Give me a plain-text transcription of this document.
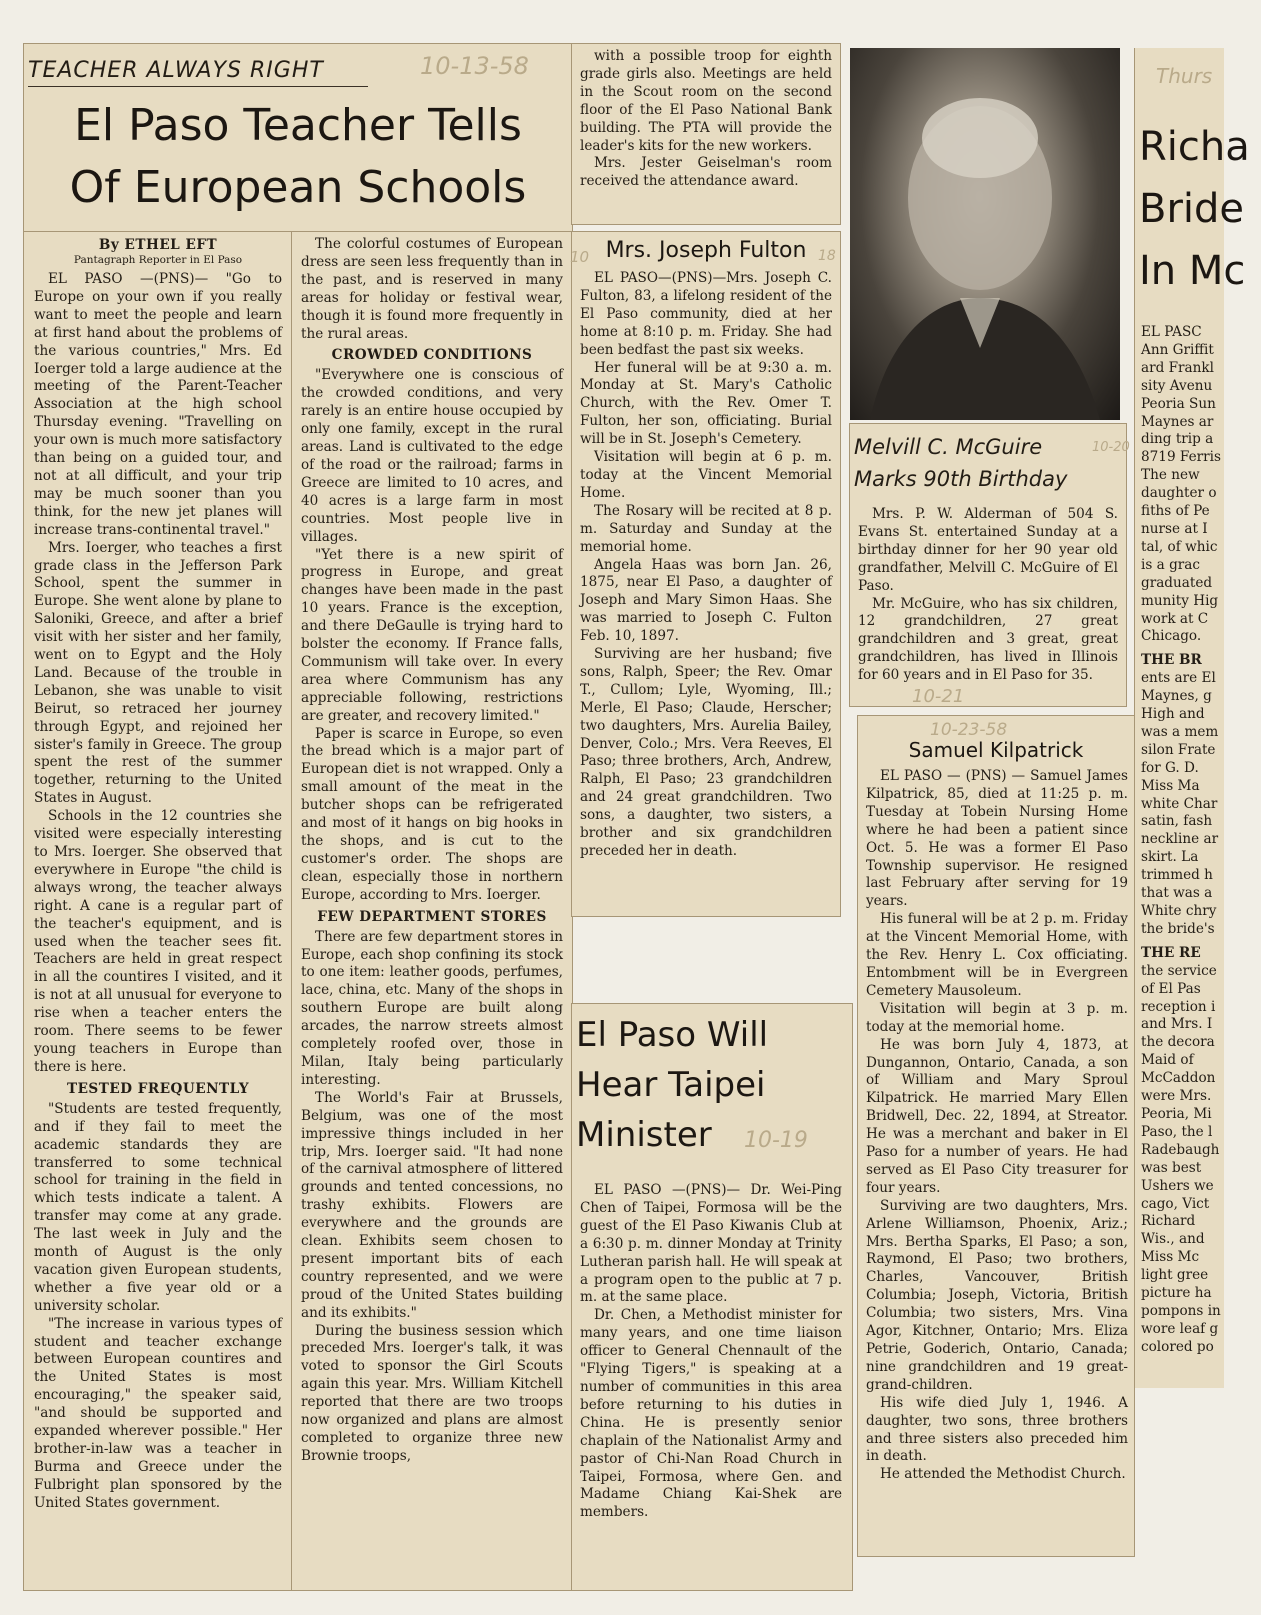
TEACHER ALWAYS RIGHT
El Paso Teacher Tells
Of European Schools
10-13-58
By ETHEL EFT
Pantagraph Reporter in El Paso

EL PASO —(PNS)— "Go to Europe on your own if you really want to meet the people and learn at first hand about the problems of the various countries," Mrs. Ed Ioerger told a large audience at the meeting of the Parent-Teacher Association at the high school Thursday evening. "Travelling on your own is much more satisfactory than being on a guided tour, and not at all difficult, and your trip may be much sooner than you think, for the new jet planes will increase trans-continental travel."

Mrs. Ioerger, who teaches a first grade class in the Jefferson Park School, spent the summer in Europe. She went alone by plane to Saloniki, Greece, and after a brief visit with her sister and her family, went on to Egypt and the Holy Land. Because of the trouble in Lebanon, she was unable to visit Beirut, so retraced her journey through Egypt, and rejoined her sister's family in Greece. The group spent the rest of the summer together, returning to the United States in August.

Schools in the 12 countries she visited were especially interesting to Mrs. Ioerger. She observed that everywhere in Europe "the child is always wrong, the teacher always right. A cane is a regular part of the teacher's equipment, and is used when the teacher sees fit. Teachers are held in great respect in all the countires I visited, and it is not at all unusual for everyone to rise when a teacher enters the room. There seems to be fewer young teachers in Europe than there is here.

TESTED FREQUENTLY

"Students are tested frequently, and if they fail to meet the academic standards they are transferred to some technical school for training in the field in which tests indicate a talent. A transfer may come at any grade. The last week in July and the month of August is the only vacation given European students, whether a five year old or a university scholar.

"The increase in various types of student and teacher exchange between European countires and the United States is most encouraging," the speaker said, "and should be supported and expanded wherever possible." Her brother-in-law was a teacher in Burma and Greece under the Fulbright plan sponsored by the United States government.

The colorful costumes of European dress are seen less frequently than in the past, and is reserved in many areas for holiday or festival wear, though it is found more frequently in the rural areas.

CROWDED CONDITIONS

"Everywhere one is conscious of the crowded conditions, and very rarely is an entire house occupied by only one family, except in the rural areas. Land is cultivated to the edge of the road or the railroad; farms in Greece are limited to 10 acres, and 40 acres is a large farm in most countries. Most people live in villages.

"Yet there is a new spirit of progress in Europe, and great changes have been made in the past 10 years. France is the exception, and there DeGaulle is trying hard to bolster the economy. If France falls, Communism will take over. In every area where Communism has any appreciable following, restrictions are greater, and recovery limited."

Paper is scarce in Europe, so even the bread which is a major part of European diet is not wrapped. Only a small amount of the meat in the butcher shops can be refrigerated and most of it hangs on big hooks in the shops, and is cut to the customer's order. The shops are clean, especially those in northern Europe, according to Mrs. Ioerger.

FEW DEPARTMENT STORES

There are few department stores in Europe, each shop confining its stock to one item: leather goods, perfumes, lace, china, etc. Many of the shops in southern Europe are built along arcades, the narrow streets almost completely roofed over, those in Milan, Italy being particularly interesting.

The World's Fair at Brussels, Belgium, was one of the most impressive things included in her trip, Mrs. Ioerger said. "It had none of the carnival atmosphere of littered grounds and tented concessions, no trashy exhibits. Flowers are everywhere and the grounds are clean. Exhibits seem chosen to present important bits of each country represented, and we were proud of the United States building and its exhibits."

During the business session which preceded Mrs. Ioerger's talk, it was voted to sponsor the Girl Scouts again this year. Mrs. William Kitchell reported that there are two troops now organized and plans are almost completed to organize three new Brownie troops,

with a possible troop for eighth grade girls also. Meetings are held in the Scout room on the second floor of the El Paso National Bank building. The PTA will provide the leader's kits for the new workers.

Mrs. Jester Geiselman's room received the attendance award.

Mrs. Joseph Fulton

EL PASO—(PNS)—Mrs. Joseph C. Fulton, 83, a lifelong resident of the El Paso community, died at her home at 8:10 p. m. Friday. She had been bedfast the past six weeks.

Her funeral will be at 9:30 a. m. Monday at St. Mary's Catholic Church, with the Rev. Omer T. Fulton, her son, officiating. Burial will be in St. Joseph's Cemetery.

Visitation will begin at 6 p. m. today at the Vincent Memorial Home.

The Rosary will be recited at 8 p. m. Saturday and Sunday at the memorial home.

Angela Haas was born Jan. 26, 1875, near El Paso, a daughter of Joseph and Mary Simon Haas. She was married to Joseph C. Fulton Feb. 10, 1897.

Surviving are her husband; five sons, Ralph, Speer; the Rev. Omar T., Cullom; Lyle, Wyoming, Ill.; Merle, El Paso; Claude, Herscher; two daughters, Mrs. Aurelia Bailey, Denver, Colo.; Mrs. Vera Reeves, El Paso; three brothers, Arch, Andrew, Ralph, El Paso; 23 grandchildren and 24 great grandchildren. Two sons, a daughter, two sisters, a brother and six grandchildren preceded her in death.

10	18
El Paso Will
Hear Taipei
Minister

EL PASO —(PNS)— Dr. Wei-Ping Chen of Taipei, Formosa will be the guest of the El Paso Kiwanis Club at a 6:30 p. m. dinner Monday at Trinity Lutheran parish hall. He will speak at a program open to the public at 7 p. m. at the same place.

Dr. Chen, a Methodist minister for many years, and one time liaison officer to General Chennault of the "Flying Tigers," is speaking at a number of communities in this area before returning to his duties in China. He is presently senior chaplain of the Nationalist Army and pastor of Chi-Nan Road Church in Taipei, Formosa, where Gen. and Madame Chiang Kai-Shek are members.

10-19
Melvill C. McGuire
Marks 90th Birthday

Mrs. P. W. Alderman of 504 S. Evans St. entertained Sunday at a birthday dinner for her 90 year old grandfather, Melvill C. McGuire of El Paso.

Mr. McGuire, who has six children, 12 grandchildren, 27 great grandchildren and 3 great, great grandchildren, has lived in Illinois for 60 years and in El Paso for 35.

10-20
10-21
Samuel Kilpatrick

EL PASO — (PNS) — Samuel James Kilpatrick, 85, died at 11:25 p. m. Tuesday at Tobein Nursing Home where he had been a patient since Oct. 5. He was a former El Paso Township supervisor. He resigned last February after serving for 19 years.

His funeral will be at 2 p. m. Friday at the Vincent Memorial Home, with the Rev. Henry L. Cox officiating. Entombment will be in Evergreen Cemetery Mausoleum.

Visitation will begin at 3 p. m. today at the memorial home.

He was born July 4, 1873, at Dungannon, Ontario, Canada, a son of William and Mary Sproul Kilpatrick. He married Mary Ellen Bridwell, Dec. 22, 1894, at Streator. He was a merchant and baker in El Paso for a number of years. He had served as El Paso City treasurer for four years.

Surviving are two daughters, Mrs. Arlene Williamson, Phoenix, Ariz.; Mrs. Bertha Sparks, El Paso; a son, Raymond, El Paso; two brothers, Charles, Vancouver, British Columbia; Joseph, Victoria, British Columbia; two sisters, Mrs. Vina Agor, Kitchner, Ontario; Mrs. Eliza Petrie, Goderich, Ontario, Canada; nine grandchildren and 19 great-grand-children.

His wife died July 1, 1946. A daughter, two sons, three brothers and three sisters also preceded him in death.

He attended the Methodist Church.

10-23-58
Richa
Bride
In Mc
EL PASC
Ann Griffit
ard Frankl
sity Avenu
Peoria Sun
Maynes ar
ding trip a
8719 Ferris
The new
daughter o
fiths of Pe
nurse at I
tal, of whic
is a grac
graduated
munity Hig
work at C
Chicago.
THE BR
ents are El
Maynes, g
High and
was a mem
silon Frate
for G. D.
Miss Ma
white Char
satin, fash
neckline ar
skirt. La
trimmed h
that was a
White chry
the bride's
THE RE
the service
of El Pas
reception i
and Mrs. I
the decora
Maid of
McCaddon
were Mrs.
Peoria, Mi
Paso, the l
Radebaugh
was best
Ushers we
cago, Vict
Richard
Wis., and
Miss Mc
light gree
picture ha
pompons in
wore leaf g
colored po
Thurs
